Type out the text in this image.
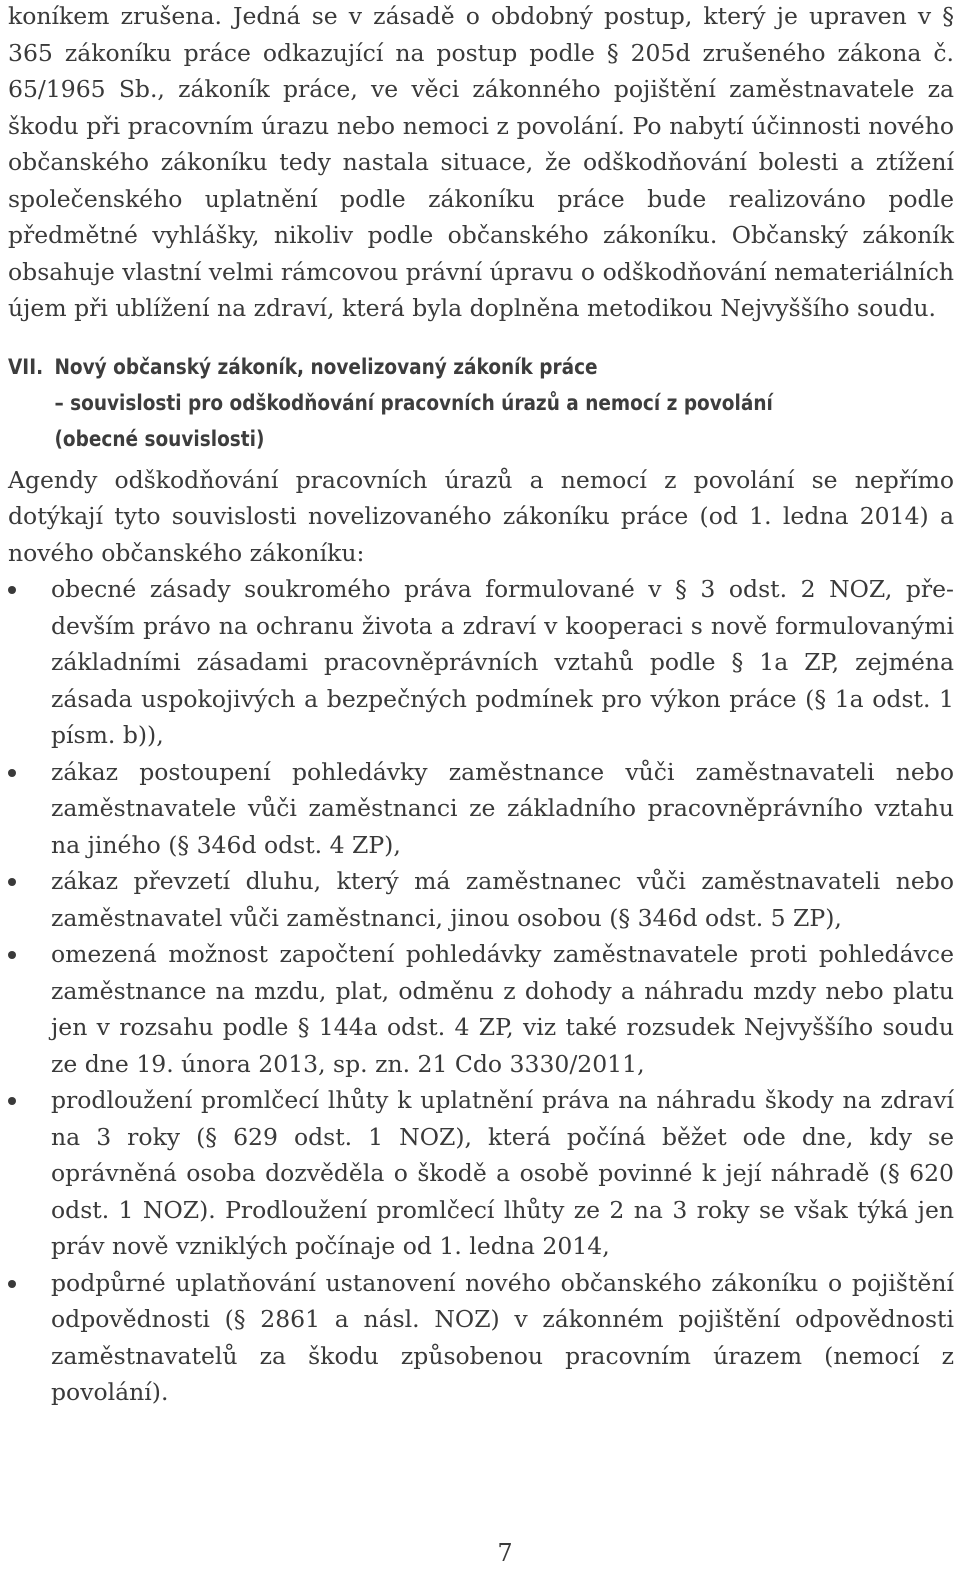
koníkem zrušena. Jedná se v zásadě o obdobný postup, který je upraven v § 365 zákoníku práce odkazující na postup podle § 205d zrušeného zákona č. 65/1965 Sb., zákoník práce, ve věci zákonného pojištění zaměstnavatele za škodu při pracovním úrazu nebo nemoci z povolání. Po nabytí účinnosti nového občanského zákoníku tedy nastala situace, že odškodňování bolesti a ztížení společenského uplatnění podle zákoníku práce bude realizováno podle předmětné vyhlášky, nikoliv podle občanského zákoníku. Občanský zákoník obsahuje vlastní velmi rámcovou právní úpravu o odškodňování nemateriálních újem při ublížení na zdraví, která byla doplněna metodikou Nejvyššího soudu.

VII. Nový občanský zákoník, novelizovaný zákoník práce
– souvislosti pro odškodňování pracovních úrazů a nemocí z povolání
(obecné souvislosti)

Agendy odškodňování pracovních úrazů a nemocí z povolání se nepřímo dotýkají tyto souvislosti novelizovaného zákoníku práce (od 1. ledna 2014) a nového občanského zákoníku:

obecné zásady soukromého práva formulované v § 3 odst. 2 NOZ, především právo na ochranu života a zdraví v kooperaci s nově formulovanými základními zásadami pracovněprávních vztahů podle § 1a ZP, zejména zásada uspokojivých a bezpečných podmínek pro výkon práce (§ 1a odst. 1 písm. b)),
zákaz postoupení pohledávky zaměstnance vůči zaměstnavateli nebo zaměstnavatele vůči zaměstnanci ze základního pracovněprávního vztahu na jiného (§ 346d odst. 4 ZP),
zákaz převzetí dluhu, který má zaměstnanec vůči zaměstnavateli nebo zaměstnavatel vůči zaměstnanci, jinou osobou (§ 346d odst. 5 ZP),
omezená možnost započtení pohledávky zaměstnavatele proti pohledávce zaměstnance na mzdu, plat, odměnu z dohody a náhradu mzdy nebo platu jen v rozsahu podle § 144a odst. 4 ZP, viz také rozsudek Nejvyššího soudu ze dne 19. února 2013, sp. zn. 21 Cdo 3330/2011,
prodloužení promlčecí lhůty k uplatnění práva na náhradu škody na zdraví na 3 roky (§ 629 odst. 1 NOZ), která počíná běžet ode dne, kdy se oprávněná osoba dozvěděla o škodě a osobě povinné k její náhradě (§ 620 odst. 1 NOZ). Prodloužení promlčecí lhůty ze 2 na 3 roky se však týká jen práv nově vzniklých počínaje od 1. ledna 2014,
podpůrné uplatňování ustanovení nového občanského zákoníku o pojištění odpovědnosti (§ 2861 a násl. NOZ) v zákonném pojištění odpovědnosti zaměstnavatelů za škodu způsobenou pracovním úrazem (nemocí z povolání).
7
